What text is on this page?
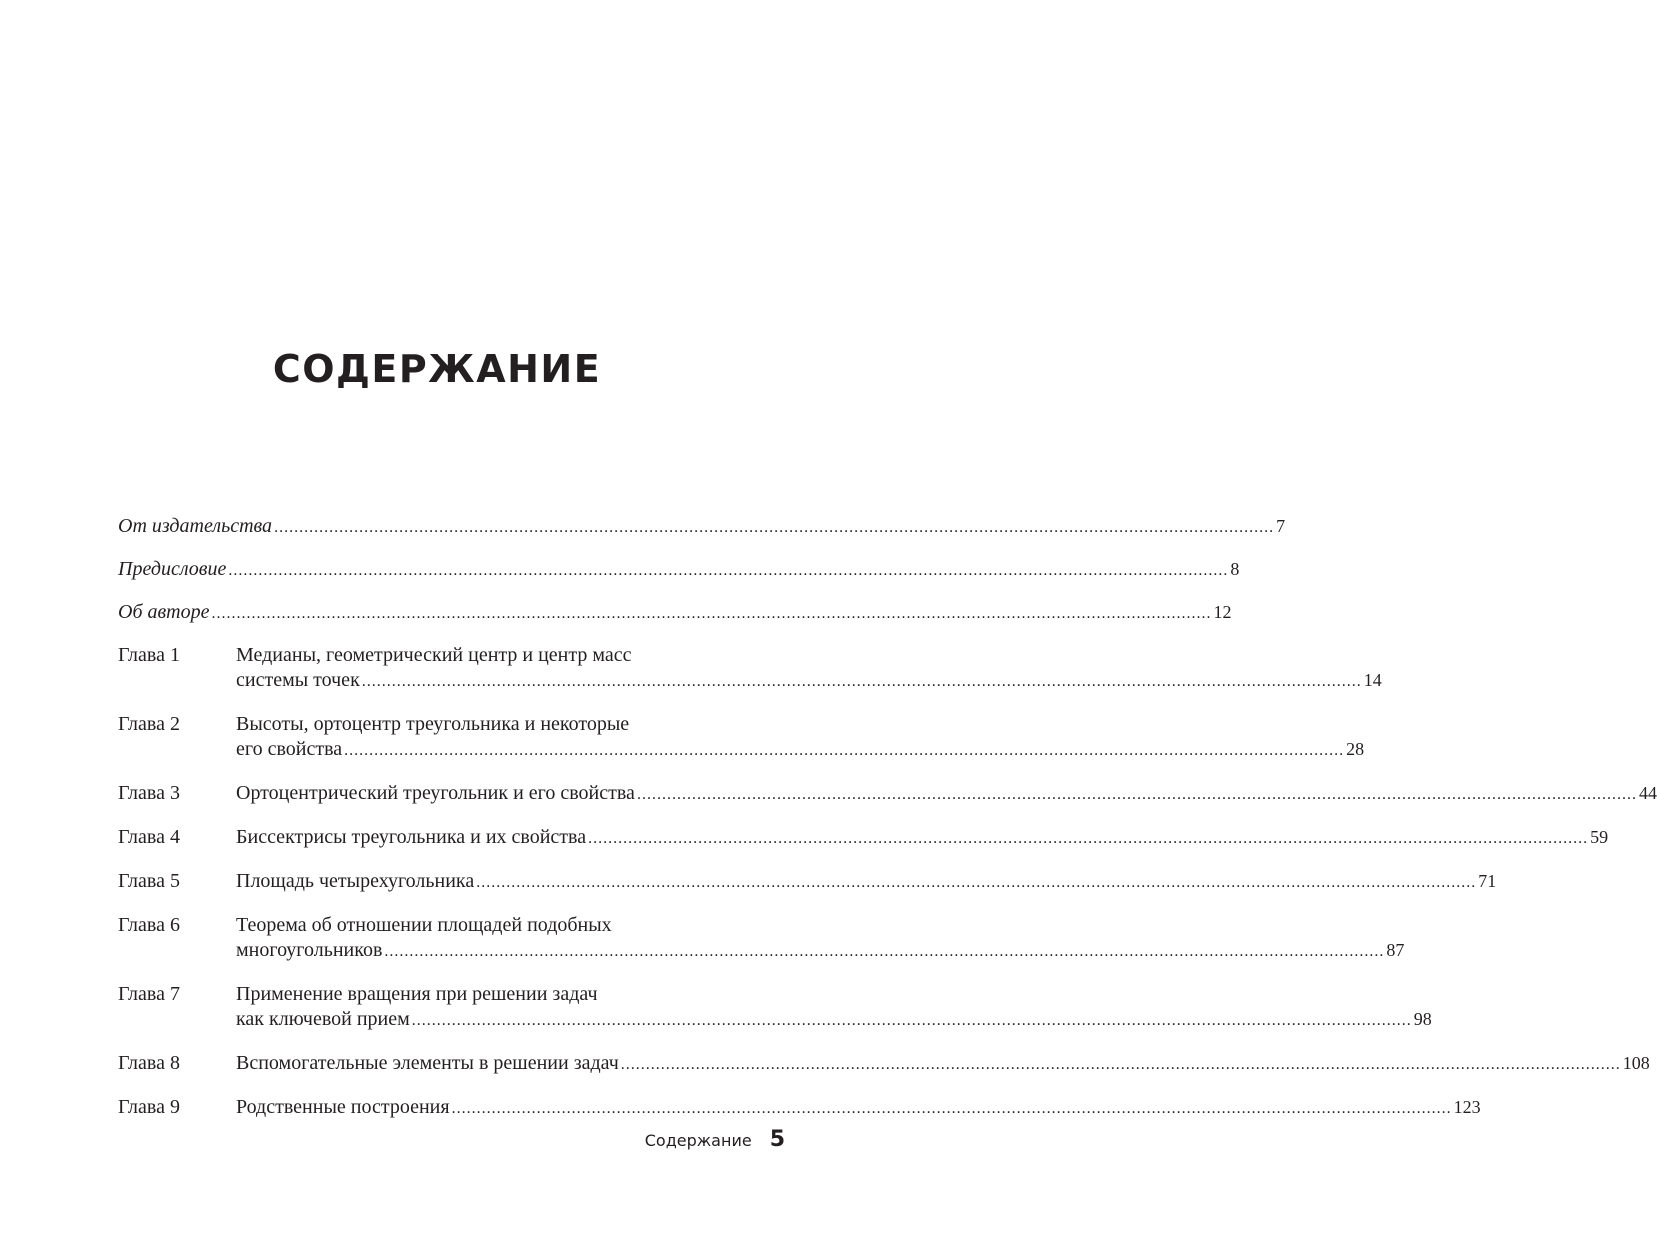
СОДЕРЖАНИЕ
От издательства ........................................................................................................................................................................................................ 7
Предисловие ........................................................................................................................................................................................................ 8
Об авторе ........................................................................................................................................................................................................ 12
Глава 1	Медианы, геометрический центр и центр масс
системы точек ........................................................................................................................................................................................................ 14
Глава 2	Высоты, ортоцентр треугольника и некоторые
его свойства ........................................................................................................................................................................................................ 28
Глава 3	Ортоцентрический треугольник и его свойства ........................................................................................................................................................................................................ 44
Глава 4	Биссектрисы треугольника и их свойства ........................................................................................................................................................................................................ 59
Глава 5	Площадь четырехугольника ........................................................................................................................................................................................................ 71
Глава 6	Теорема об отношении площадей подобных
многоугольников ........................................................................................................................................................................................................ 87
Глава 7	Применение вращения при решении задач
как ключевой прием ........................................................................................................................................................................................................ 98
Глава 8	Вспомогательные элементы в решении задач ........................................................................................................................................................................................................ 108
Глава 9	Родственные построения ........................................................................................................................................................................................................ 123
Содержание 5
